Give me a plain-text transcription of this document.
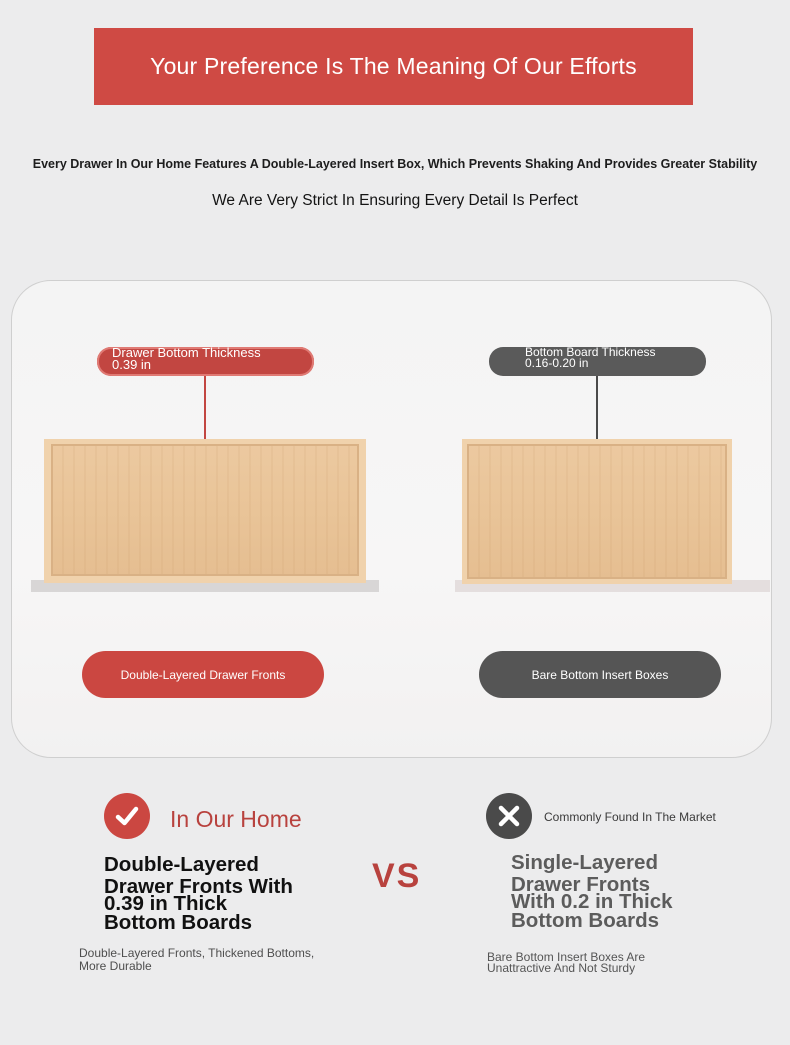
Your Preference Is The Meaning Of Our Efforts
Every Drawer In Our Home Features A Double-Layered Insert Box, Which Prevents Shaking And Provides Greater Stability
We Are Very Strict In Ensuring Every Detail Is Perfect
Drawer Bottom Thickness
0.39 in
Bottom Board Thickness
0.16-0.20 in
Double-Layered Drawer Fronts	Bare Bottom Insert Boxes
In Our Home	Commonly Found In The Market
Double-Layered
Drawer Fronts With
0.39 in Thick
Bottom Boards
VS	Single-Layered
Drawer Fronts
With 0.2 in Thick
Bottom Boards
Double-Layered Fronts, Thickened Bottoms,
More Durable
Bare Bottom Insert Boxes Are
Unattractive And Not Sturdy
